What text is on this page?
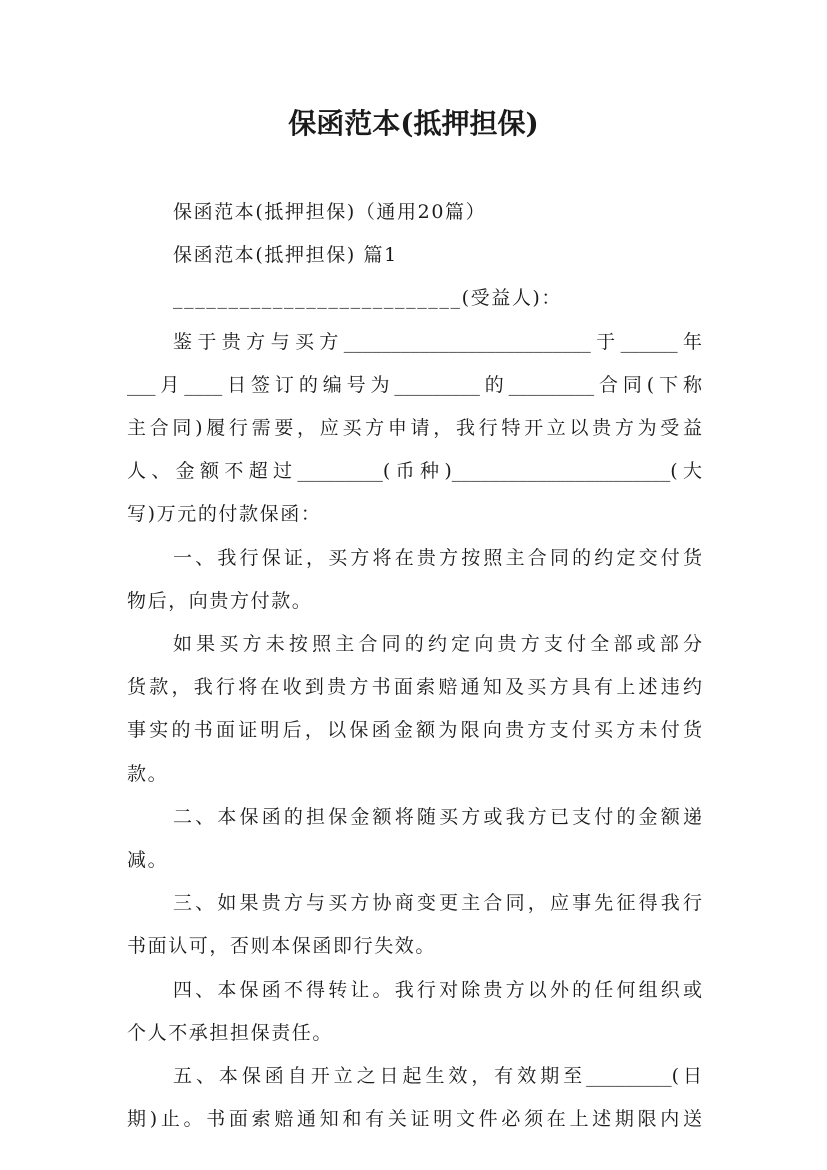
保函范本(抵押担保)
保函范本(抵押担保)（通用20篇）
保函范本(抵押担保) 篇1
__________________________(受益人)：
鉴于贵方与买方__________________________于______年
___月____日签订的编号为_________的_________合同(下称
主合同)履行需要，应买方申请，我行特开立以贵方为受益
人、金额不超过_________(币种)_______________________(大
写)万元的付款保函：
一、我行保证，买方将在贵方按照主合同的约定交付货
物后，向贵方付款。
如果买方未按照主合同的约定向贵方支付全部或部分
货款，我行将在收到贵方书面索赔通知及买方具有上述违约
事实的书面证明后，以保函金额为限向贵方支付买方未付货
款。
二、本保函的担保金额将随买方或我方已支付的金额递
减。
三、如果贵方与买方协商变更主合同，应事先征得我行
书面认可，否则本保函即行失效。
四、本保函不得转让。我行对除贵方以外的任何组织或
个人不承担担保责任。
五、本保函自开立之日起生效，有效期至_________(日
期)止。书面索赔通知和有关证明文件必须在上述期限内送
